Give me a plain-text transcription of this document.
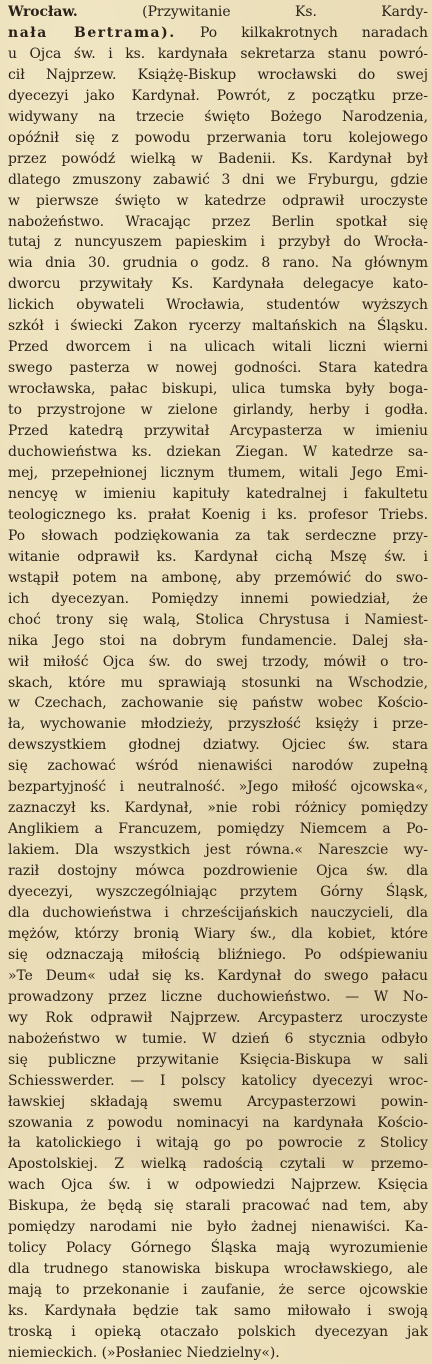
Wrocław.	(Przywitanie Ks. Kardy-
nała Bertrama). Po kilkakrotnych naradach
u Ojca św. i ks. kardynała sekretarza stanu powró-
cił Najprzew. Książę-Biskup wrocławski do swej
dyecezyi jako Kardynał. Powrót, z początku prze-
widywany na trzecie święto Bożego Narodzenia,
opóźnił się z powodu przerwania toru kolejowego
przez powódź wielką w Badenii. Ks. Kardynał był
dlatego zmuszony zabawić 3 dni we Fryburgu, gdzie
w pierwsze święto w katedrze odprawił uroczyste
nabożeństwo. Wracając przez Berlin spotkał się
tutaj z nuncyuszem papieskim i przybył do Wrocła-
wia dnia 30. grudnia o godz. 8 rano. Na głównym
dworcu przywitały Ks. Kardynała delegacye kato-
lickich obywateli Wrocławia, studentów wyższych
szkół i świecki Zakon rycerzy maltańskich na Śląsku.
Przed dworcem i na ulicach witali liczni wierni
swego pasterza w nowej godności. Stara katedra
wrocławska, pałac biskupi, ulica tumska były boga-
to przystrojone w zielone girlandy, herby i godła.
Przed katedrą przywitał Arcypasterza w imieniu
duchowieństwa ks. dziekan Ziegan. W katedrze sa-
mej, przepełnionej licznym tłumem, witali Jego Emi-
nencyę w imieniu kapituły katedralnej i fakultetu
teologicznego ks. prałat Koenig i ks. profesor Triebs.
Po słowach podziękowania za tak serdeczne przy-
witanie odprawił ks. Kardynał cichą Mszę św. i
wstąpił potem na ambonę, aby przemówić do swo-
ich dyecezyan. Pomiędzy innemi powiedział, że
choć trony się walą, Stolica Chrystusa i Namiest-
nika Jego stoi na dobrym fundamencie. Dalej sła-
wił miłość Ojca św. do swej trzody, mówił o tro-
skach, które mu sprawiają stosunki na Wschodzie,
w Czechach, zachowanie się państw wobec Kościo-
ła, wychowanie młodzieży, przyszłość księży i prze-
dewszystkiem głodnej dziatwy. Ojciec św. stara
się zachować wśród nienawiści narodów zupełną
bezpartyjność i neutralność. »Jego miłość ojcowska«,
zaznaczył ks. Kardynał, »nie robi różnicy pomiędzy
Anglikiem a Francuzem, pomiędzy Niemcem a Po-
lakiem. Dla wszystkich jest równa.« Nareszcie wy-
raził dostojny mówca pozdrowienie Ojca św. dla
dyecezyi, wyszczególniając przytem Górny Śląsk,
dla duchowieństwa i chrześcijańskich nauczycieli, dla
mężów, którzy bronią Wiary św., dla kobiet, które
się odznaczają miłością bliźniego. Po odśpiewaniu
»Te Deum« udał się ks. Kardynał do swego pałacu
prowadzony przez liczne duchowieństwo. — W No-
wy Rok odprawił Najprzew. Arcypasterz uroczyste
nabożeństwo w tumie. W dzień 6 stycznia odbyło
się publiczne przywitanie Księcia-Biskupa w sali
Schiesswerder. — I polscy katolicy dyecezyi wroc-
ławskiej składają swemu Arcypasterzowi powin-
szowania z powodu nominacyi na kardynała Kościo-
ła katolickiego i witają go po powrocie z Stolicy
Apostolskiej. Z wielką radością czytali w przemo-
wach Ojca św. i w odpowiedzi Najprzew. Księcia
Biskupa, że będą się starali pracować nad tem, aby
pomiędzy narodami nie było żadnej nienawiści. Ka-
tolicy Polacy Górnego Śląska mają wyrozumienie
dla trudnego stanowiska biskupa wrocławskiego, ale
mają to przekonanie i zaufanie, że serce ojcowskie
ks. Kardynała będzie tak samo miłowało i swoją
troską i opieką otaczało polskich dyecezyan jak
niemieckich. (»Posłaniec Niedzielny«).
